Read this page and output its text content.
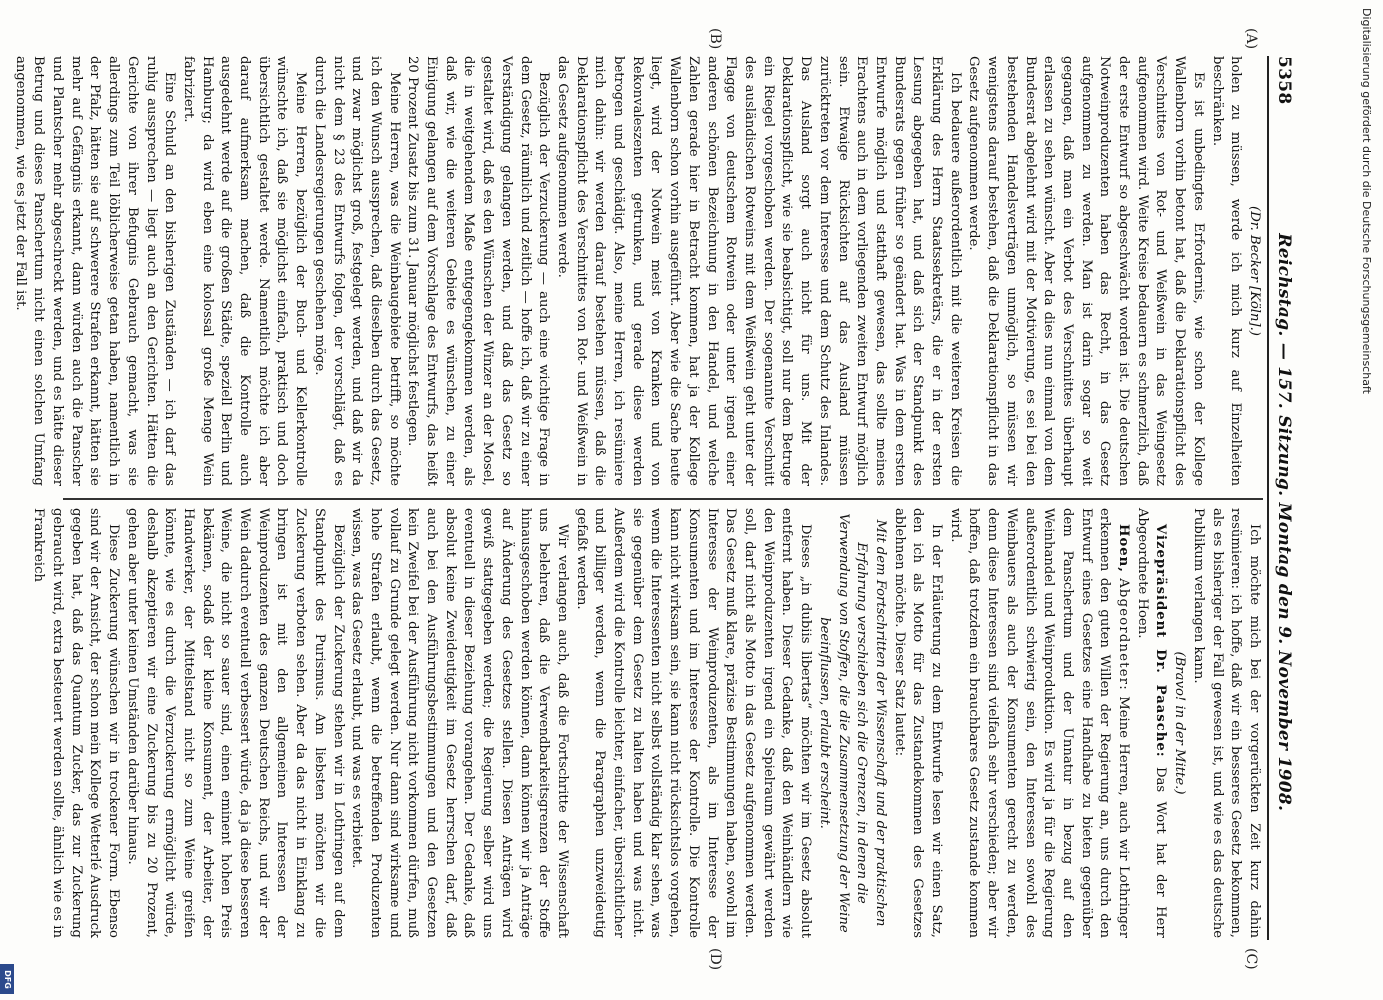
5358
Reichstag. — 157. Sitzung. Montag den 9. November 1908.
(A)
(B)
(C)
(D)

(Dr. Becker [Köln].)

holen zu müssen, werde ich mich kurz auf Einzelheiten beschränken.

Es ist unbedingtes Erfordernis, wie schon der Kollege Wallenborn vorhin betont hat, daß die Deklarationspflicht des Verschnittes von Rot- und Weißwein in das Weingesetz aufgenommen wird. Weite Kreise bedauern es schmerzlich, daß der erste Entwurf so abgeschwächt worden ist. Die deutschen Notweinproduzenten haben das Recht, in das Gesetz aufgenommen zu werden. Man ist darin sogar so weit gegangen, daß man ein Verbot des Verschnittes überhaupt erlassen zu sehen wünscht. Aber da dies nun einmal von dem Bundesrat abgelehnt wird mit der Motivierung, es sei bei den bestehenden Handelsverträgen unmöglich, so müssen wir wenigstens darauf bestehen, daß die Deklarationspflicht in das Gesetz aufgenommen werde.

Ich bedauere außerordentlich mit die weiteren Kreisen die Erklärung des Herrn Staatssekretärs, die er in der ersten Lesung abgegeben hat, und daß sich der Standpunkt des Bundesrats gegen früher so geändert hat. Was in dem ersten Entwurfe möglich und statthaft gewesen, das sollte meines Erachtens auch in dem vorliegenden zweiten Entwurf möglich sein. Etwaige Rücksichten auf das Ausland müssen zurücktreten vor dem Interesse und dem Schutz des Inlandes. Das Ausland sorgt auch nicht für uns. Mit der Deklarationspflicht, wie sie beabsichtigt, soll nur dem Betruge ein Riegel vorgeschoben werden. Der sogenannte Verschnitt des ausländischen Rotweins mit dem Weißwein geht unter der Flagge von deutschem Rotwein oder unter irgend einer anderen schönen Bezeichnung in den Handel, und welche Zahlen gerade hier in Betracht kommen, hat ja der Kollege Wallenborn schon vorhin ausgeführt. Aber wie die Sache heute liegt, wird der Notwein meist von Kranken und von Rekonvaleszenten getrunken, und gerade diese werden betrogen und geschädigt. Also, meine Herren, ich resümiere mich dahin: wir werden darauf bestehen müssen, daß die Deklarationspflicht des Verschnittes von Rot- und Weißwein in das Gesetz aufgenommen werde.

Bezüglich der Verzuckerung — auch eine wichtige Frage in dem Gesetz, räumlich und zeitlich — hoffe ich, daß wir zu einer Verständigung gelangen werden, und daß das Gesetz so gestaltet wird, daß es den Wünschen der Winzer an der Mosel, die in weitgehendem Maße entgegengekommen werden, als daß wir, wie die weiteren Gebiete es wünschen, zu einer Einigung gelangen auf dem Vorschlage des Entwurfs, das heißt 20 Prozent Zusatz bis zum 31. Januar möglichst festlegen.

Meine Herren, was die Weinbaugebiete betrifft, so möchte ich den Wunsch aussprechen, daß dieselben durch das Gesetz, und zwar möglichst groß, festgelegt werden, und daß wir da nicht dem § 23 des Entwurfs folgen, der vorschlägt, daß es durch die Landesregierungen geschehen möge.

Meine Herren, bezüglich der Buch- und Kellerkontrolle wünschte ich, daß sie möglichst einfach, praktisch und doch übersichtlich gestaltet werde. Namentlich möchte ich aber darauf aufmerksam machen, daß die Kontrolle auch ausgedehnt werde auf die großen Städte, speziell Berlin und Hamburg; da wird eben eine kolossal große Menge Wein fabriziert.

Eine Schuld an den bisherigen Zuständen — ich darf das ruhig aussprechen — liegt auch an den Gerichten. Hätten die Gerichte von ihrer Befugnis Gebrauch gemacht, was sie allerdings zum Teil löblicherweise getan haben, namentlich in der Pfalz, hätten sie auf schwerere Strafen erkannt, hätten sie mehr auf Gefängnis erkannt, dann würden auch die Panscher und Plantscher mehr abgeschreckt werden, und es hätte dieser Betrug und dieses Panschertum nicht einen solchen Umfang angenommen, wie es jetzt der Fall ist.

Ich möchte mich bei der vorgerückten Zeit kurz dahin resümieren: ich hoffe, daß wir ein besseres Gesetz bekommen, als es bisheriger der Fall gewesen ist, und wie es das deutsche Publikum verlangen kann.

(Bravo! in der Mitte.)

Vizepräsident Dr. Paasche: Das Wort hat der Herr Abgeordnete Hoen.

Hoen, Abgeordneter: Meine Herren, auch wir Lothringer erkennen den guten Willen der Regierung an, uns durch den Entwurf eines Gesetzes eine Handhabe zu bieten gegenüber dem Panschertum und der Unnatur in bezug auf den Weinhandel und Weinproduktion. Es wird ja für die Regierung außerordentlich schwierig sein, den Interessen sowohl des Weinbauers als auch der Konsumenten gerecht zu werden, denn diese Interessen sind vielfach sehr verschieden; aber wir hoffen, daß trotzdem ein brauchbares Gesetz zustande kommen wird.

In der Erläuterung zu dem Entwurfe lesen wir einen Satz, den ich als Motto für das Zustandekommen des Gesetzes ablehnen möchte. Dieser Satz lautet:

Mit dem Fortschritten der Wissenschaft und der praktischen Erfahrung verschieben sich die Grenzen, in denen die Verwendung von Stoffen, die die Zusammensetzung der Weine beeinflussen, erlaubt erscheint.

Dieses „in dubiis libertas“ möchten wir im Gesetz absolut entfernt haben. Dieser Gedanke, daß den Weinhändlern wie den Weinproduzenten irgend ein Spielraum gewährt werden soll, darf nicht als Motto in das Gesetz aufgenommen werden. Das Gesetz muß klare, präzise Bestimmungen haben, sowohl im Interesse der Weinproduzenten, als im Interesse der Konsumenten und im Interesse der Kontrolle. Die Kontrolle kann nicht wirksam sein, sie kann nicht rücksichtslos vorgehen, wenn die Interessenten nicht selbst vollständig klar sehen, was sie gegenüber dem Gesetz zu halten haben und was nicht. Außerdem wird die Kontrolle leichter, einfacher, übersichtlicher und billiger werden, wenn die Paragraphen unzweideutig gefaßt werden.

Wir verlangen auch, daß die Fortschritte der Wissenschaft uns belehren, daß die Verwendbarkeitsgrenzen der Stoffe hinausgeschoben werden können, dann können wir ja Anträge auf Änderung des Gesetzes stellen. Diesen Anträgen wird gewiß stattgegeben werden; die Regierung selber wird uns eventuell in dieser Beziehung vorangehen. Der Gedanke, daß absolut keine Zweideutigkeit im Gesetz herrschen darf, daß auch bei den Ausführungsbestimmungen und den Gesetzen kein Zweifel bei der Ausführung nicht vorkommen dürfen, muß vollauf zu Grunde gelegt werden. Nur dann sind wirksame und hohe Strafen erlaubt, wenn die betreffenden Produzenten wissen, was das Gesetz erlaubt, und was es verbietet.

Bezüglich der Zuckerung stehen wir in Lothringen auf dem Standpunkt des Purismus. Am liebsten möchten wir die Zuckerung verboten sehen. Aber da das nicht in Einklang zu bringen ist mit den allgemeinen Interessen der Weinproduzenten des ganzen Deutschen Reichs, und wir der Wein dadurch eventuell verbessert würde, da ja diese besseren Weine, die nicht so sauer sind, einen eminent hohen Preis bekämen, sodaß der kleine Konsument, der Arbeiter, der Handwerker, der Mittelstand nicht so zum Weine greifen könnte, wie es durch die Verzuckerung ermöglicht würde, deshalb akzeptieren wir eine Zuckerung bis zu 20 Prozent, gehen aber unter keinen Umständen darüber hinaus.

Diese Zuckerung wünschen wir in trockener Form. Ebenso sind wir der Ansicht, der schon mein Kollege Wetterlé Ausdruck gegeben hat, daß das Quantum Zucker, das zur Zuckerung gebraucht wird, extra besteuert werden sollte, ähnlich wie es in Frankreich

Digitalisierung gefördert durch die Deutsche Forschungsgemeinschaft
DFG
